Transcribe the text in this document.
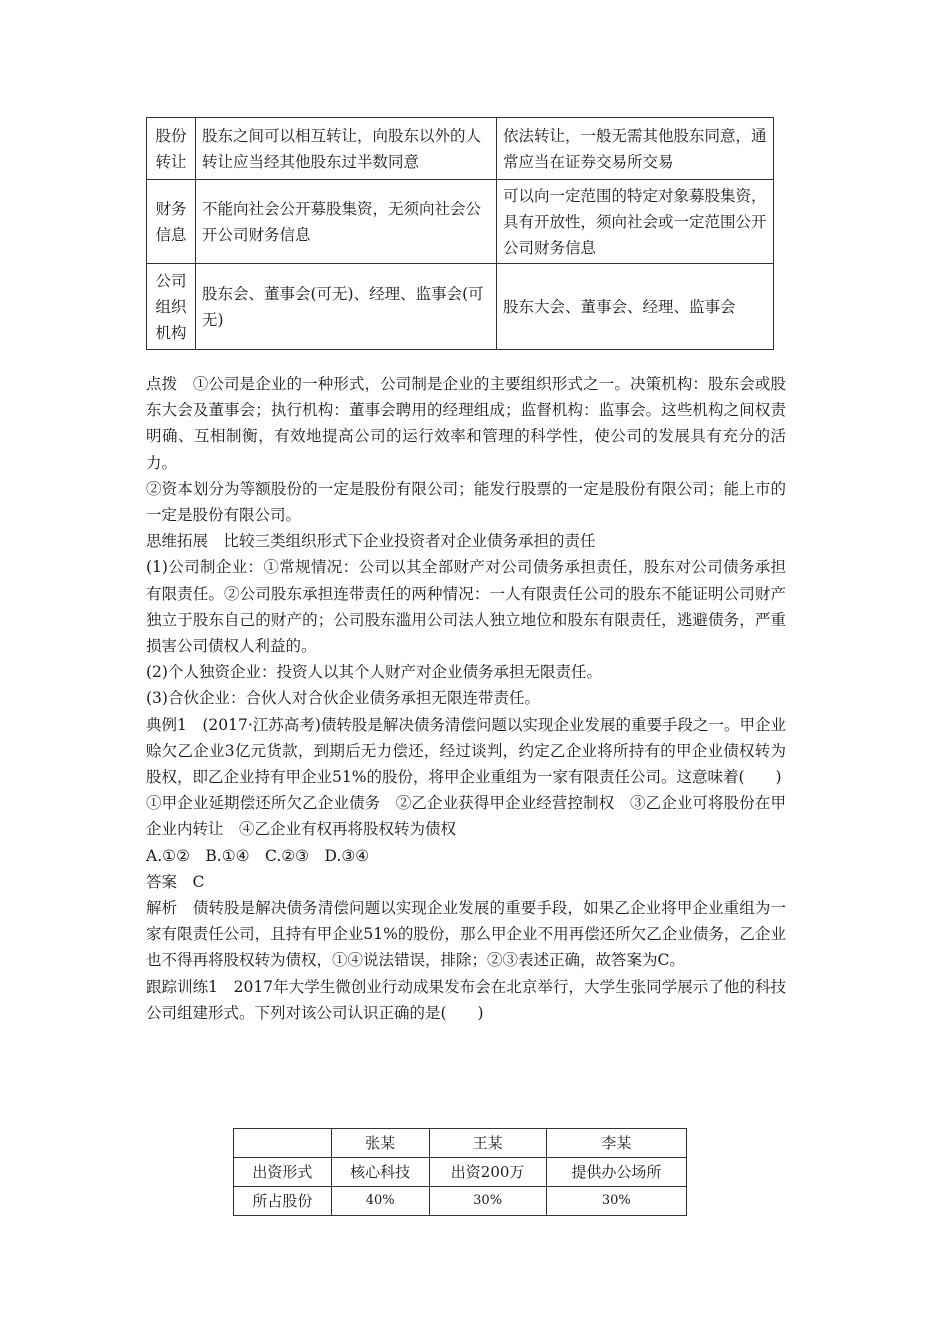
股份转让	股东之间可以相互转让，向股东以外的人转让应当经其他股东过半数同意	依法转让，一般无需其他股东同意，通常应当在证券交易所交易
财务信息	不能向社会公开募股集资，无须向社会公开公司财务信息	可以向一定范围的特定对象募股集资，具有开放性，须向社会或一定范围公开公司财务信息
公司组织机构	股东会、董事会(可无)、经理、监事会(可无)	股东大会、董事会、经理、监事会

点拨　①公司是企业的一种形式，公司制是企业的主要组织形式之一。决策机构：股东会或股东大会及董事会；执行机构：董事会聘用的经理组成；监督机构：监事会。这些机构之间权责明确、互相制衡，有效地提高公司的运行效率和管理的科学性，使公司的发展具有充分的活力。

②资本划分为等额股份的一定是股份有限公司；能发行股票的一定是股份有限公司；能上市的一定是股份有限公司。

思维拓展　比较三类组织形式下企业投资者对企业债务承担的责任

(1)公司制企业：①常规情况：公司以其全部财产对公司债务承担责任，股东对公司债务承担有限责任。②公司股东承担连带责任的两种情况：一人有限责任公司的股东不能证明公司财产独立于股东自己的财产的；公司股东滥用公司法人独立地位和股东有限责任，逃避债务，严重损害公司债权人利益的。

(2)个人独资企业：投资人以其个人财产对企业债务承担无限责任。

(3)合伙企业：合伙人对合伙企业债务承担无限连带责任。

典例1　(2017·江苏高考)债转股是解决债务清偿问题以实现企业发展的重要手段之一。甲企业赊欠乙企业3亿元货款，到期后无力偿还，经过谈判，约定乙企业将所持有的甲企业债权转为股权，即乙企业持有甲企业51%的股份，将甲企业重组为一家有限责任公司。这意味着(　　)

①甲企业延期偿还所欠乙企业债务　②乙企业获得甲企业经营控制权　③乙企业可将股份在甲企业内转让　④乙企业有权再将股权转为债权

A.①②　B.①④　C.②③　D.③④

答案　C

解析　债转股是解决债务清偿问题以实现企业发展的重要手段，如果乙企业将甲企业重组为一家有限责任公司，且持有甲企业51%的股份，那么甲企业不用再偿还所欠乙企业债务，乙企业也不得再将股权转为债权，①④说法错误，排除；②③表述正确，故答案为C。

跟踪训练1　2017年大学生微创业行动成果发布会在北京举行，大学生张同学展示了他的科技公司组建形式。下列对该公司认识正确的是(　　)

	张某	王某	李某
出资形式	核心科技	出资200万	提供办公场所
所占股份	40%	30%	30%
